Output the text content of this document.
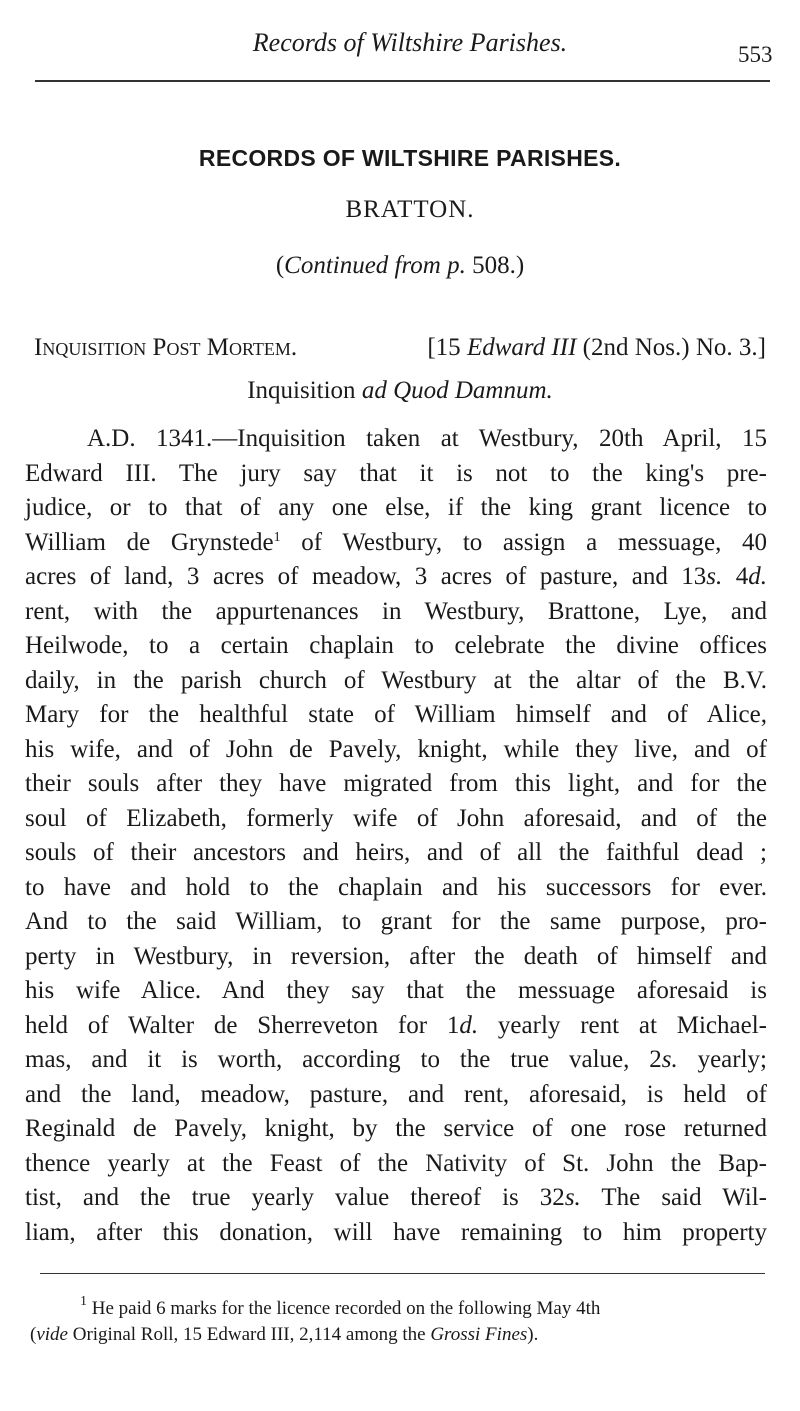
Records of Wiltshire Parishes.	553
RECORDS OF WILTSHIRE PARISHES.
BRATTON.
(Continued from p. 508.)
Inquisition Post Mortem.	[15 Edward III (2nd Nos.) No. 3.]
Inquisition ad Quod Damnum.
A.D. 1341.—Inquisition taken at Westbury, 20th April, 15
Edward III. The jury say that it is not to the king's pre-
judice, or to that of any one else, if the king grant licence to
William de Grynstede$^1$ of Westbury, to assign a messuage, 40
acres of land, 3 acres of meadow, 3 acres of pasture, and 13s. 4d.
rent, with the appurtenances in Westbury, Brattone, Lye, and
Heilwode, to a certain chaplain to celebrate the divine offices
daily, in the parish church of Westbury at the altar of the B.V.
Mary for the healthful state of William himself and of Alice,
his wife, and of John de Pavely, knight, while they live, and of
their souls after they have migrated from this light, and for the
soul of Elizabeth, formerly wife of John aforesaid, and of the
souls of their ancestors and heirs, and of all the faithful dead ;
to have and hold to the chaplain and his successors for ever.
And to the said William, to grant for the same purpose, pro-
perty in Westbury, in reversion, after the death of himself and
his wife Alice. And they say that the messuage aforesaid is
held of Walter de Sherreveton for 1d. yearly rent at Michael-
mas, and it is worth, according to the true value, 2s. yearly;
and the land, meadow, pasture, and rent, aforesaid, is held of
Reginald de Pavely, knight, by the service of one rose returned
thence yearly at the Feast of the Nativity of St. John the Bap-
tist, and the true yearly value thereof is 32s. The said Wil-
liam, after this donation, will have remaining to him property
$^1$ He paid 6 marks for the licence recorded on the following May 4th
(vide Original Roll, 15 Edward III, 2,114 among the Grossi Fines).
